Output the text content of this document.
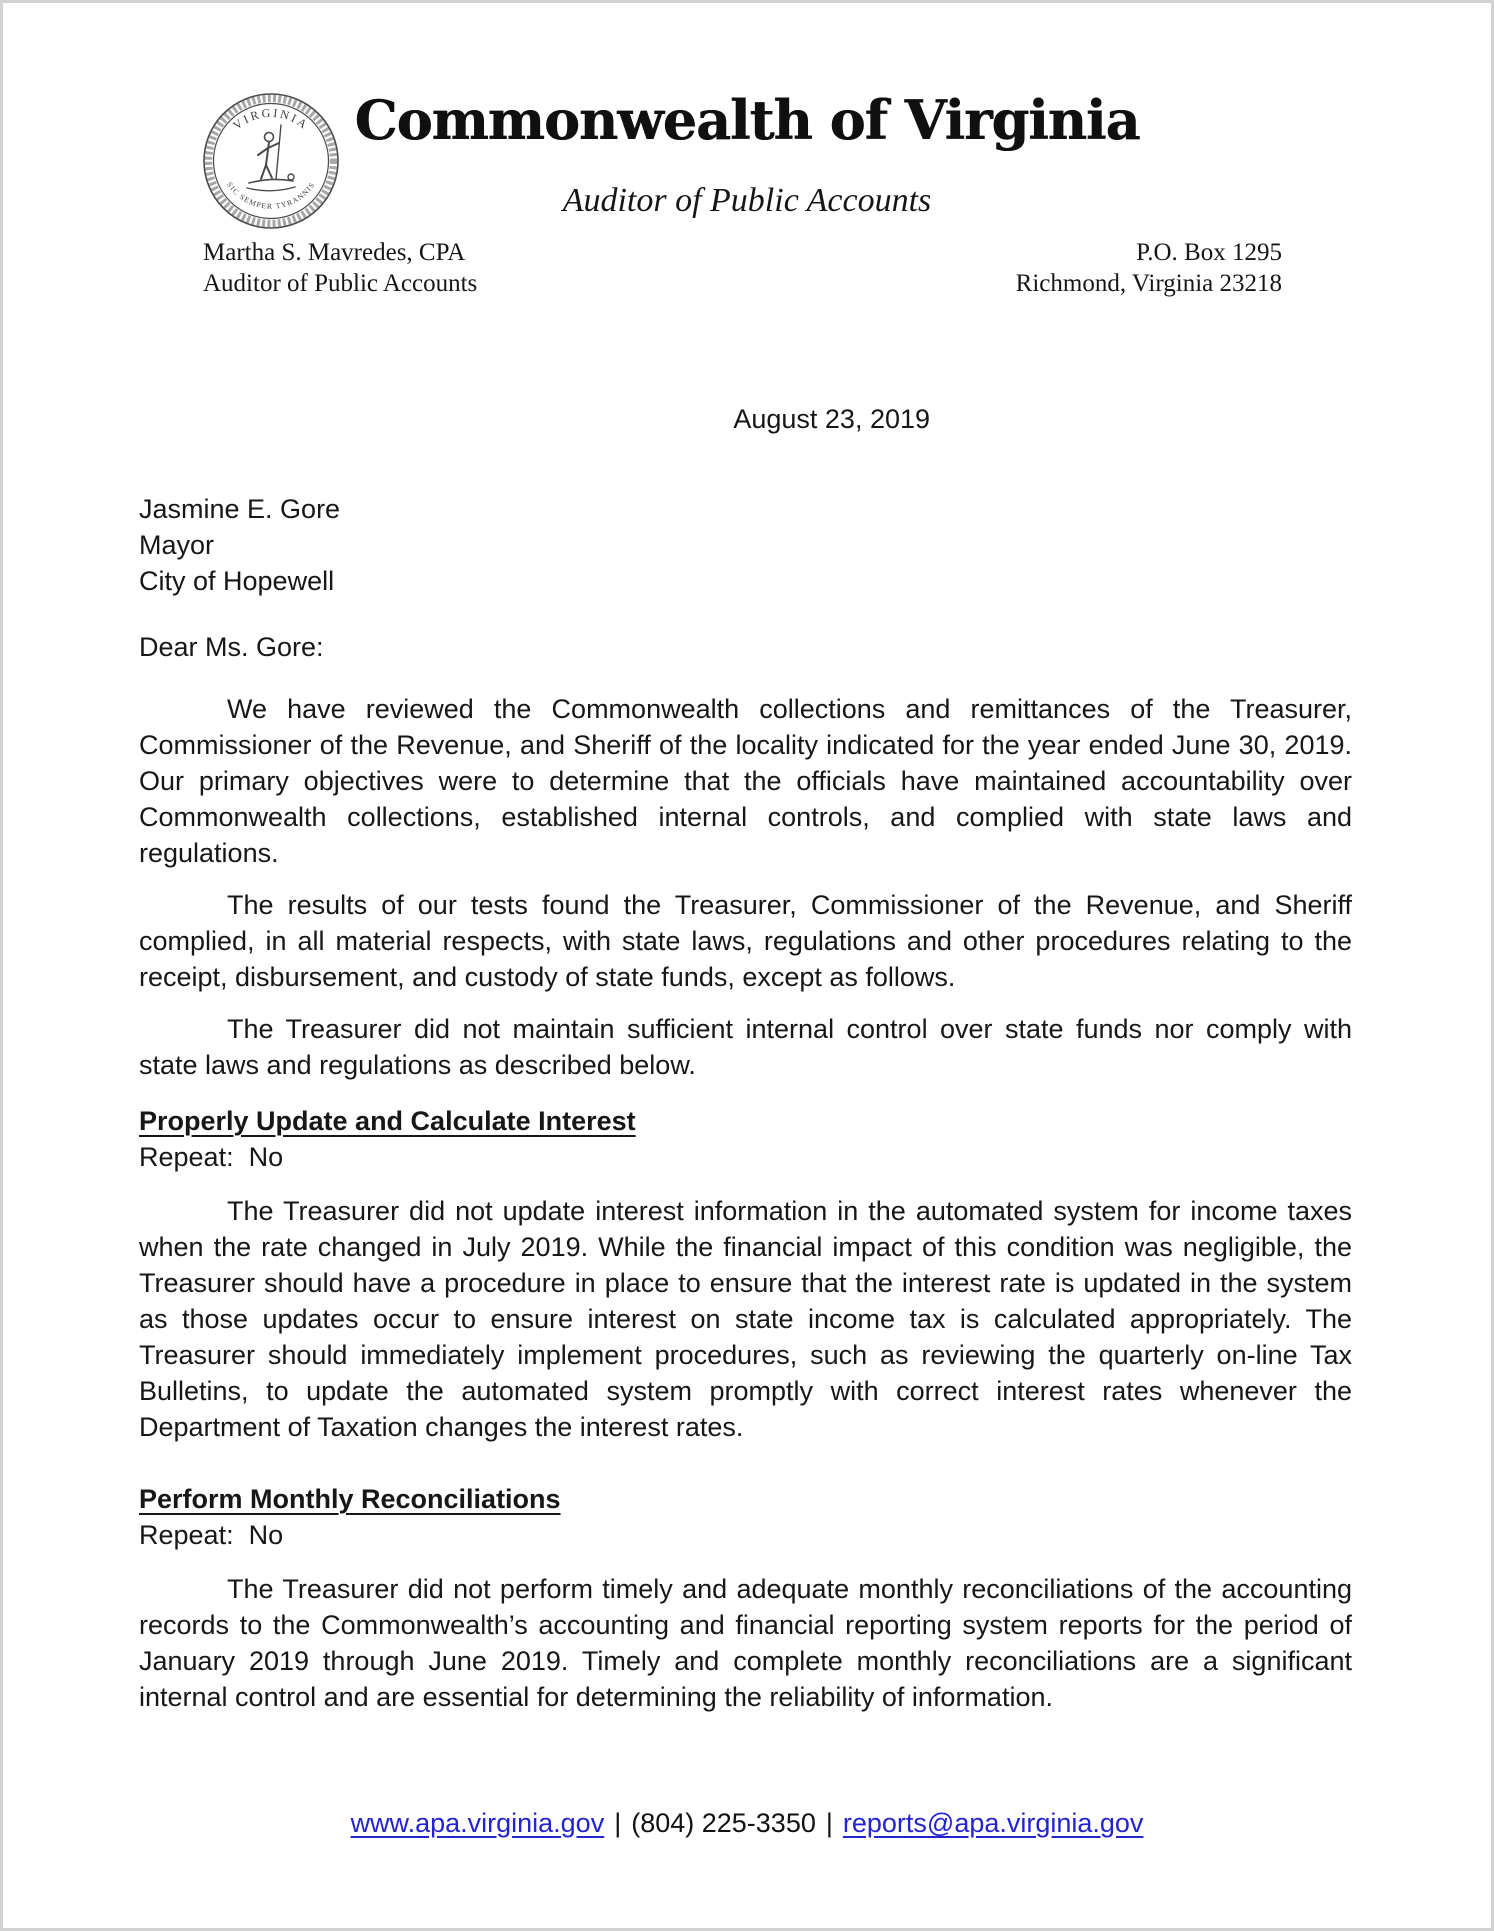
VIRGINIA
SIC SEMPER TYRANNIS
Commonwealth of Virginia
Auditor of Public Accounts
Martha S. Mavredes, CPA
Auditor of Public Accounts
P.O. Box 1295
Richmond, Virginia 23218
August 23, 2019
Jasmine E. Gore
Mayor
City of Hopewell
Dear Ms. Gore:

We have reviewed the Commonwealth collections and remittances of the Treasurer, Commissioner of the Revenue, and Sheriff of the locality indicated for the year ended June 30, 2019. Our primary objectives were to determine that the officials have maintained accountability over Commonwealth collections, established internal controls, and complied with state laws and regulations.

The results of our tests found the Treasurer, Commissioner of the Revenue, and Sheriff complied, in all material respects, with state laws, regulations and other procedures relating to the receipt, disbursement, and custody of state funds, except as follows.

The Treasurer did not maintain sufficient internal control over state funds nor comply with state laws and regulations as described below.

Properly Update and Calculate Interest
Repeat:  No

The Treasurer did not update interest information in the automated system for income taxes when the rate changed in July 2019. While the financial impact of this condition was negligible, the Treasurer should have a procedure in place to ensure that the interest rate is updated in the system as those updates occur to ensure interest on state income tax is calculated appropriately. The Treasurer should immediately implement procedures, such as reviewing the quarterly on-line Tax Bulletins, to update the automated system promptly with correct interest rates whenever the Department of Taxation changes the interest rates.

Perform Monthly Reconciliations
Repeat:  No

The Treasurer did not perform timely and adequate monthly reconciliations of the accounting records to the Commonwealth’s accounting and financial reporting system reports for the period of January 2019 through June 2019. Timely and complete monthly reconciliations are a significant internal control and are essential for determining the reliability of information.

www.apa.virginia.gov | (804) 225-3350 | reports@apa.virginia.gov
